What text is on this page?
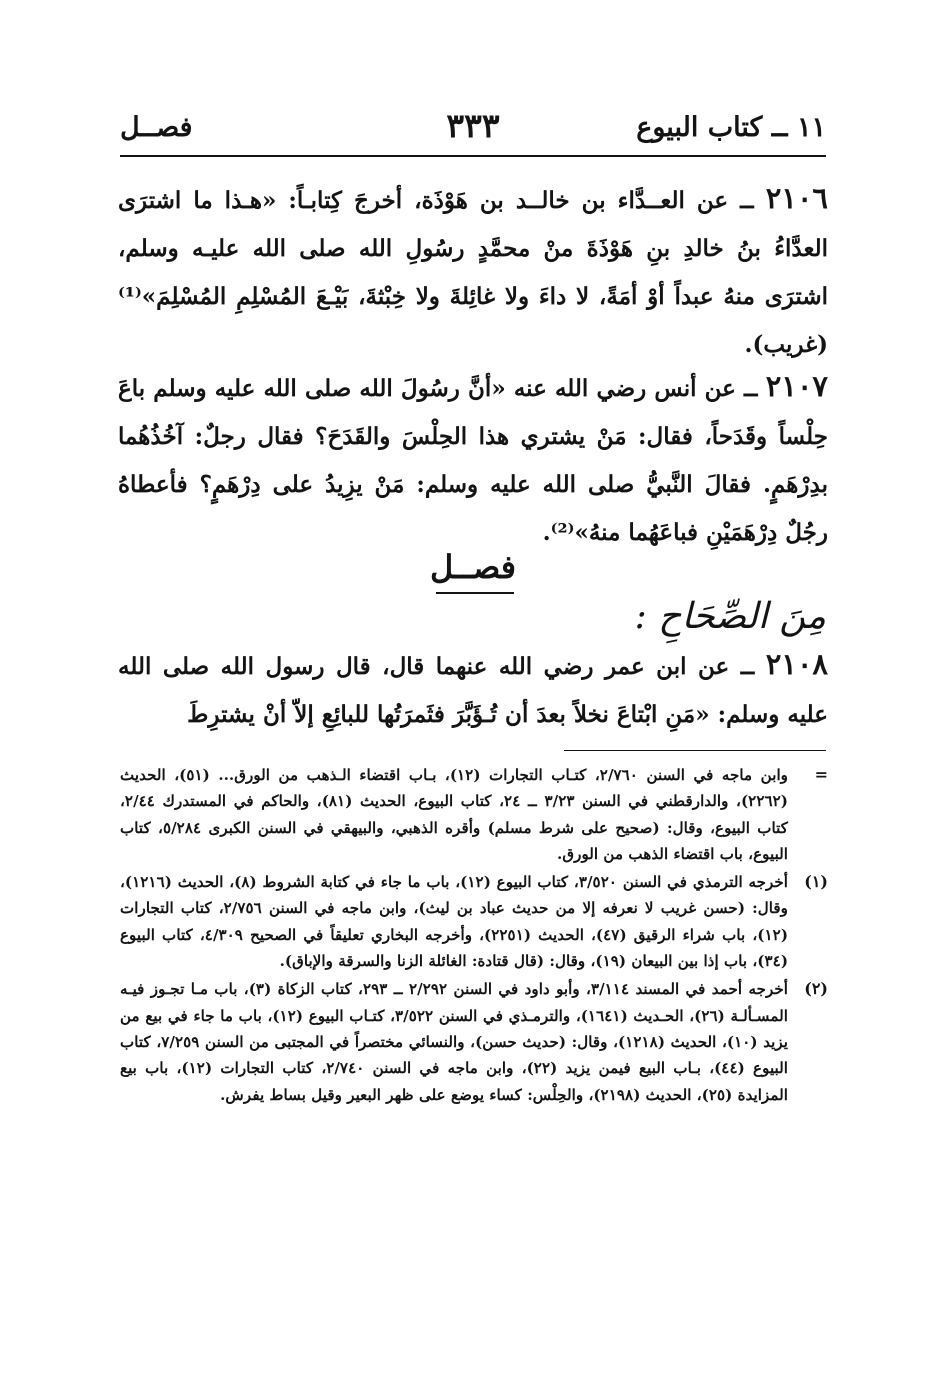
١١ ــ كتاب البيوع
٣٣٣
فصــل
٢١٠٦ ــ عن العــدَّاء بن خالــد بن هَوْذَة، أخرجَ كِتابـاً: «هـذا ما اشترَى العدَّاءُ بنُ خالدِ بنِ هَوْذَةَ منْ محمَّدٍ رسُولِ الله صلى الله عليـه وسلم، اشترَى منهُ عبداً أوْ أمَةً، لا داءَ ولا غائِلةَ ولا خِبْثةَ، بَيْـعَ المُسْلِمِ المُسْلِمَ»⁽¹⁾ (غريب).
٢١٠٧ ــ عن أنس رضي الله عنه «أنَّ رسُولَ الله صلى الله عليه وسلم باعَ حِلْساً وقَدَحاً، فقال: مَنْ يشتري هذا الحِلْسَ والقَدَحَ؟ فقال رجلٌ: آخُذُهُما بدِرْهَمٍ. فقالَ النَّبيُّ صلى الله عليه وسلم: مَنْ يزِيدُ على دِرْهَمٍ؟ فأعطاهُ رجُلٌ دِرْهَمَيْنِ فباعَهُما منهُ»⁽²⁾.
فصــل
مِنَ الصِّحَاحِ :
٢١٠٨ ــ عن ابن عمر رضي الله عنهما قال، قال رسول الله صلى الله عليه وسلم: «مَنِ ابْتاعَ نخلاً بعدَ أن تُـؤَبَّرَ فثَمرَتُها للبائِعِ إلاّ أنْ يشترِطَ
=
وابن ماجه في السنن ٢/٧٦٠، كتـاب التجارات (١٢)، بـاب اقتضاء الـذهب من الورق... (٥١)، الحديث (٢٢٦٢)، والدارقطني في السنن ٣/٢٣ ــ ٢٤، كتاب البيوع، الحديث (٨١)، والحاكم في المستدرك ٢/٤٤، كتاب البيوع، وقال: (صحيح على شرط مسلم) وأقره الذهبي، والبيهقي في السنن الكبرى ٥/٢٨٤، كتاب البيوع، باب اقتضاء الذهب من الورق.
(١)
أخرجه الترمذي في السنن ٣/٥٢٠، كتاب البيوع (١٢)، باب ما جاء في كتابة الشروط (٨)، الحديث (١٢١٦)، وقال: (حسن غريب لا نعرفه إلا من حديث عباد بن ليث)، وابن ماجه في السنن ٢/٧٥٦، كتاب التجارات (١٢)، باب شراء الرقيق (٤٧)، الحديث (٢٢٥١)، وأخرجه البخاري تعليقاً في الصحيح ٤/٣٠٩، كتاب البيوع (٣٤)، باب إذا بين البيعان (١٩)، وقال: (قال قتادة: الغائلة الزنا والسرقة والإباق).
(٢)
أخرجه أحمد في المسند ٣/١١٤، وأبو داود في السنن ٢/٢٩٢ ــ ٢٩٣، كتاب الزكاة (٣)، باب مـا تجـوز فيـه المسـألـة (٢٦)، الحـديث (١٦٤١)، والترمـذي في السنن ٣/٥٢٢، كتـاب البيوع (١٢)، باب ما جاء في بيع من يزيد (١٠)، الحديث (١٢١٨)، وقال: (حديث حسن)، والنسائي مختصراً في المجتبى من السنن ٧/٢٥٩، كتاب البيوع (٤٤)، بـاب البيع فيمن يزيد (٢٢)، وابن ماجه في السنن ٢/٧٤٠، كتاب التجارات (١٢)، باب بيع المزايدة (٢٥)، الحديث (٢١٩٨)، والحِلْس: كساء يوضع على ظهر البعير وقيل بساط يفرش.
